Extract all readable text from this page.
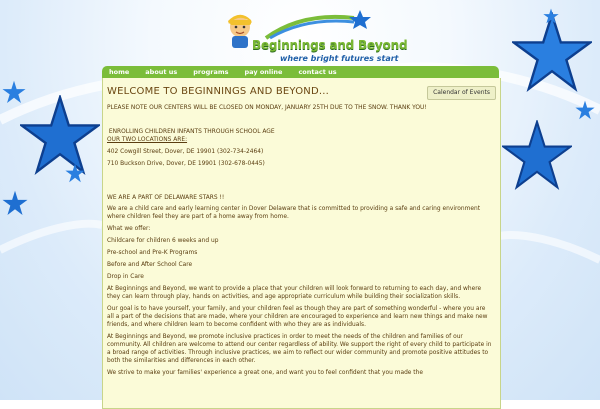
Beginnings and Beyond
where bright futures start
home	about us	programs	pay online	contact us
WELCOME TO BEGINNINGS AND BEYOND...	Calendar of Events

PLEASE NOTE OUR CENTERS WILL BE CLOSED ON MONDAY, JANUARY 25TH DUE TO THE SNOW. THANK YOU!

ENROLLING CHILDREN INFANTS THROUGH SCHOOL AGE

OUR TWO LOCATIONS ARE:

402 Cowgill Street, Dover, DE 19901 (302-734-2464)

710 Buckson Drive, Dover, DE 19901 (302-678-0445)

WE ARE A PART OF DELAWARE STARS !!

We are a child care and early learning center in Dover Delaware that is committed to providing a safe and caring environment where children feel they are part of a home away from home.

What we offer:

Childcare for children 6 weeks and up

Pre-school and Pre-K Programs

Before and After School Care

Drop in Care

At Beginnings and Beyond, we want to provide a place that your children will look forward to returning to each day, and where they can learn through play, hands on activities, and age appropriate curriculum while building their socialization skills.

Our goal is to have yourself, your family, and your children feel as though they are part of something wonderful - where you are all a part of the decisions that are made, where your children are encouraged to experience and learn new things and make new friends, and where children learn to become confident with who they are as individuals.

At Beginnings and Beyond, we promote inclusive practices in order to meet the needs of the children and families of our community. All children are welcome to attend our center regardless of ability. We support the right of every child to participate in a broad range of activities. Through inclusive practices, we aim to reflect our wider community and promote positive attitudes to both the similarities and differences in each other.

We strive to make your families' experience a great one, and want you to feel confident that you made the
